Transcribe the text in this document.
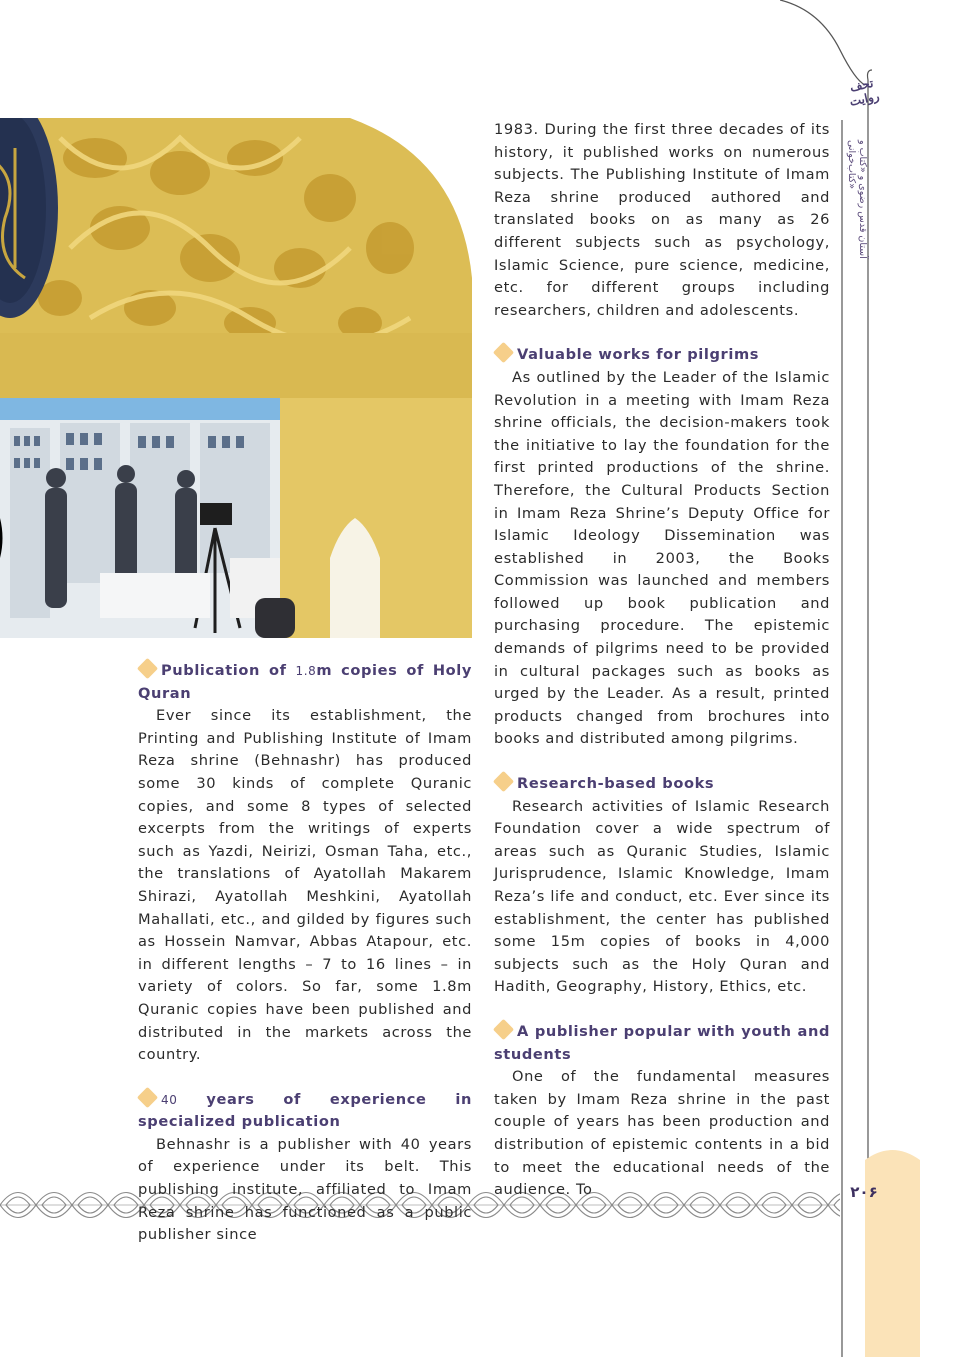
تحف روايت
آستان قدس رضوی و «کتاب و کتاب‌خوانی»
۲۰۶
Publication of 1.8m copies of Holy Quran

Ever since its establishment, the Printing and Publishing Institute of Imam Reza shrine (Behnashr) has produced some 30 kinds of complete Quranic copies, and some 8 types of selected excerpts from the writings of experts such as Yazdi, Neirizi, Osman Taha, etc., the translations of Ayatollah Makarem Shirazi, Ayatollah Meshkini, Ayatollah Mahallati, etc., and gilded by figures such as Hossein Namvar, Abbas Atapour, etc. in different lengths – 7 to 16 lines – in variety of colors. So far, some 1.8m Quranic copies have been published and distributed in the markets across the country.

40 years of experience in specialized publication

Behnashr is a publisher with 40 years of experience under its belt. This publishing institute, affiliated to Imam Reza shrine has functioned as a public publisher since

1983. During the first three decades of its history, it published works on numerous subjects. The Publishing Institute of Imam Reza shrine produced authored and translated books on as many as 26 different subjects such as psychology, Islamic Science, pure science, medicine, etc. for different groups including researchers, children and adolescents.

Valuable works for pilgrims

As outlined by the Leader of the Islamic Revolution in a meeting with Imam Reza shrine officials, the decision-makers took the initiative to lay the foundation for the first printed productions of the shrine. Therefore, the Cultural Products Section in Imam Reza Shrine’s Deputy Office for Islamic Ideology Dissemination was established in 2003, the Books Commission was launched and members followed up book publication and purchasing procedure. The epistemic demands of pilgrims need to be provided in cultural packages such as books as urged by the Leader. As a result, printed products changed from brochures into books and distributed among pilgrims.

Research-based books

Research activities of Islamic Research Foundation cover a wide spectrum of areas such as Quranic Studies, Islamic Jurisprudence, Islamic Knowledge, Imam Reza’s life and conduct, etc. Ever since its establishment, the center has published some 15m copies of books in 4,000 subjects such as the Holy Quran and Hadith, Geography, History, Ethics, etc.

A publisher popular with youth and students

One of the fundamental measures taken by Imam Reza shrine in the past couple of years has been production and distribution of epistemic contents in a bid to meet the educational needs of the audience. To
